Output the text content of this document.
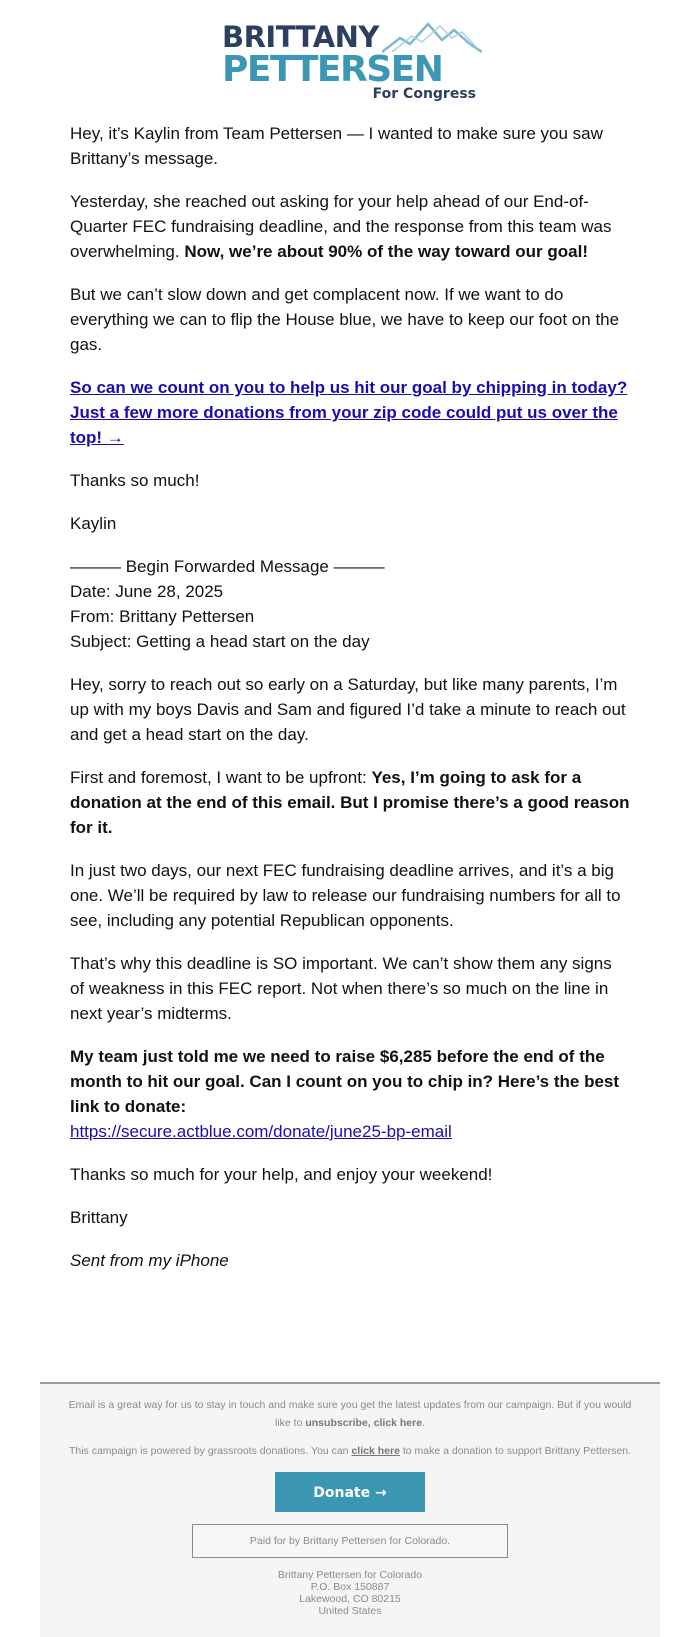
BRITTANY
PETTERSEN
For Congress

Hey, it’s Kaylin from Team Pettersen — I wanted to make sure you saw Brittany’s message.

Yesterday, she reached out asking for your help ahead of our End-of-Quarter FEC fundraising deadline, and the response from this team was overwhelming. Now, we’re about 90% of the way toward our goal!

But we can’t slow down and get complacent now. If we want to do everything we can to flip the House blue, we have to keep our foot on the gas.

So can we count on you to help us hit our goal by chipping in today? Just a few more donations from your zip code could put us over the top! →

Thanks so much!

Kaylin

——— Begin Forwarded Message ———
Date: June 28, 2025
From: Brittany Pettersen
Subject: Getting a head start on the day

Hey, sorry to reach out so early on a Saturday, but like many parents, I’m up with my boys Davis and Sam and figured I’d take a minute to reach out and get a head start on the day.

First and foremost, I want to be upfront: Yes, I’m going to ask for a donation at the end of this email. But I promise there’s a good reason for it.

In just two days, our next FEC fundraising deadline arrives, and it’s a big one. We’ll be required by law to release our fundraising numbers for all to see, including any potential Republican opponents.

That’s why this deadline is SO important. We can’t show them any signs of weakness in this FEC report. Not when there’s so much on the line in next year’s midterms.

My team just told me we need to raise $6,285 before the end of the month to hit our goal. Can I count on you to chip in? Here’s the best link to donate:
https://secure.actblue.com/donate/june25-bp-email

Thanks so much for your help, and enjoy your weekend!

Brittany

Sent from my iPhone

Email is a great way for us to stay in touch and make sure you get the latest updates from our campaign. But if you would like to unsubscribe, click here.

This campaign is powered by grassroots donations. You can click here to make a donation to support Brittany Pettersen.

Donate →
Paid for by Brittany Pettersen for Colorado.
Brittany Pettersen for Colorado
P.O. Box 150887
Lakewood, CO 80215
United States
